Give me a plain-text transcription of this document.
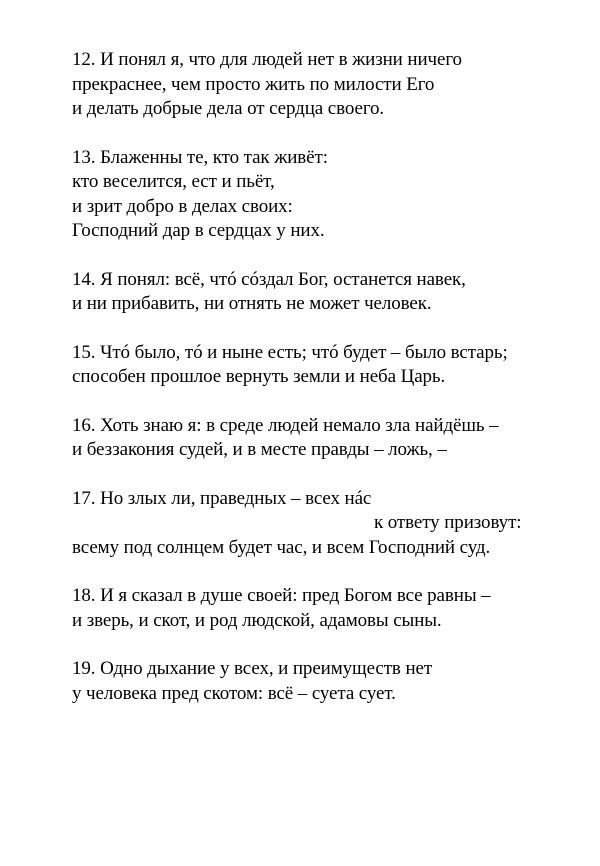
12. И понял я, что для людей нет в жизни ничего
прекраснее, чем просто жить по милости Его
и делать добрые дела от сердца своего.
13. Блаженны те, кто так живёт:
кто веселится, ест и пьёт,
и зрит добро в делах своих:
Господний дар в сердцах у них.
14. Я понял: всё, чтó сóздал Бог, останется навек,
и ни прибавить, ни отнять не может человек.
15. Чтó было, тó и ныне есть; чтó будет – было встарь;
способен прошлое вернуть земли и неба Царь.
16. Хоть знаю я: в среде людей немало зла найдёшь –
и беззакония судей, и в месте правды – ложь, –
17. Но злых ли, праведных – всех нáс
к ответу призовут:
всему под солнцем будет час, и всем Господний суд.
18. И я сказал в душе своей: пред Богом все равны –
и зверь, и скот, и род людской, адамовы сыны.
19. Одно дыхание у всех, и преимуществ нет
у человека пред скотом: всё – суета сует.
